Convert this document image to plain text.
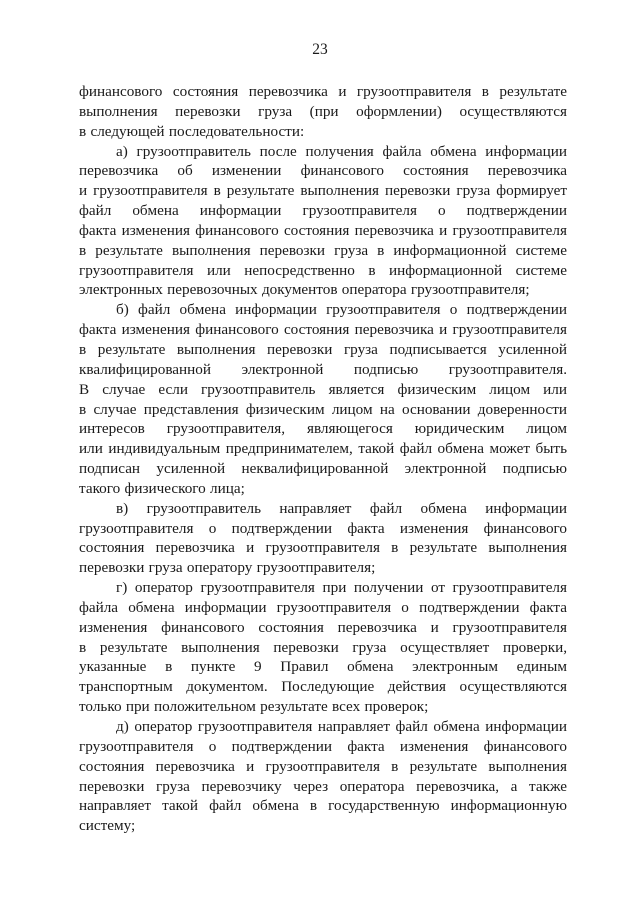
23

финансового состояния перевозчика и грузоотправителя в результате
выполнения перевозки груза (при оформлении) осуществляются
в следующей последовательности:

а) грузоотправитель после получения файла обмена информации
перевозчика об изменении финансового состояния перевозчика
и грузоотправителя в результате выполнения перевозки груза формирует
файл обмена информации грузоотправителя о подтверждении
факта изменения финансового состояния перевозчика и грузоотправителя
в результате выполнения перевозки груза в информационной системе
грузоотправителя или непосредственно в информационной системе
электронных перевозочных документов оператора грузоотправителя;

б) файл обмена информации грузоотправителя о подтверждении
факта изменения финансового состояния перевозчика и грузоотправителя
в результате выполнения перевозки груза подписывается усиленной
квалифицированной электронной подписью грузоотправителя.
В случае если грузоотправитель является физическим лицом или
в случае представления физическим лицом на основании доверенности
интересов грузоотправителя, являющегося юридическим лицом
или индивидуальным предпринимателем, такой файл обмена может быть
подписан усиленной неквалифицированной электронной подписью
такого физического лица;

в) грузоотправитель направляет файл обмена информации
грузоотправителя о подтверждении факта изменения финансового
состояния перевозчика и грузоотправителя в результате выполнения
перевозки груза оператору грузоотправителя;

г) оператор грузоотправителя при получении от грузоотправителя
файла обмена информации грузоотправителя о подтверждении факта
изменения финансового состояния перевозчика и грузоотправителя
в результате выполнения перевозки груза осуществляет проверки,
указанные в пункте 9 Правил обмена электронным единым
транспортным документом. Последующие действия осуществляются
только при положительном результате всех проверок;

д) оператор грузоотправителя направляет файл обмена информации
грузоотправителя о подтверждении факта изменения финансового
состояния перевозчика и грузоотправителя в результате выполнения
перевозки груза перевозчику через оператора перевозчика, а также
направляет такой файл обмена в государственную информационную
систему;
